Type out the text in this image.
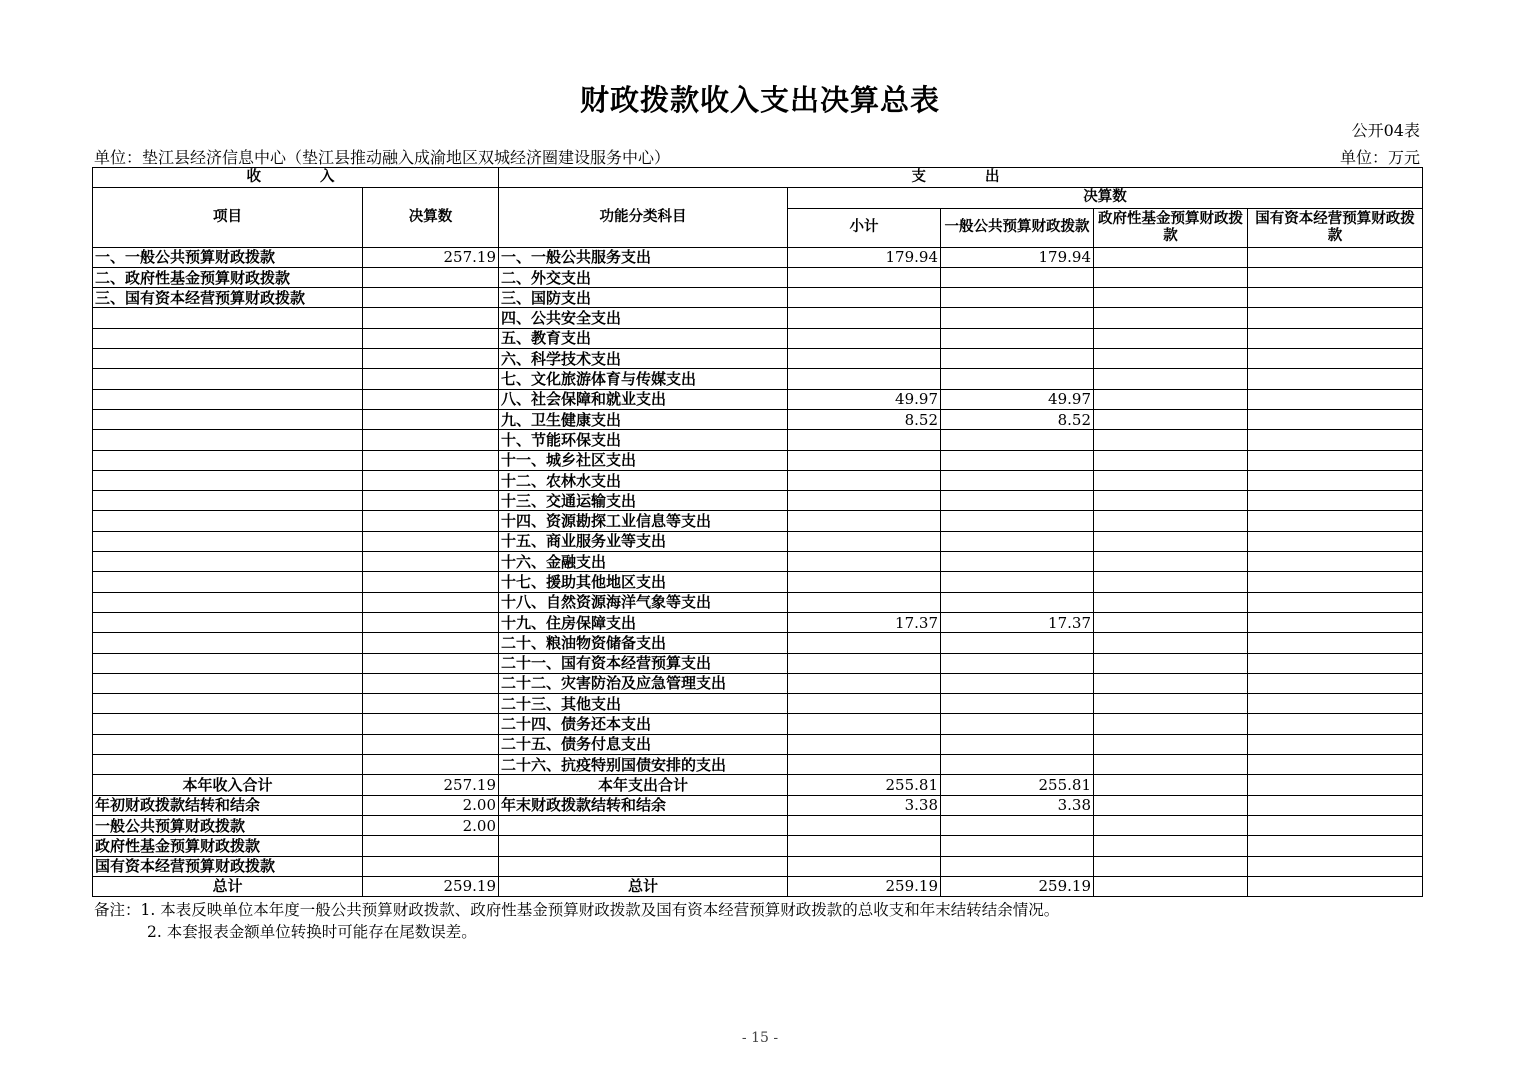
财政拨款收入支出决算总表
公开04表
单位：垫江县经济信息中心（垫江县推动融入成渝地区双城经济圈建设服务中心）	单位：万元
收　　入		支　　出				
项目	决算数	功能分类科目	决算数			
			小计	一般公共预算财政拨款	政府性基金预算财政拨款	国有资本经营预算财政拨款
一、一般公共预算财政拨款	257.19	一、一般公共服务支出	179.94	179.94		
二、政府性基金预算财政拨款		二、外交支出				
三、国有资本经营预算财政拨款		三、国防支出				
		四、公共安全支出				
		五、教育支出				
		六、科学技术支出				
		七、文化旅游体育与传媒支出				
		八、社会保障和就业支出	49.97	49.97		
		九、卫生健康支出	8.52	8.52		
		十、节能环保支出				
		十一、城乡社区支出				
		十二、农林水支出				
		十三、交通运输支出				
		十四、资源勘探工业信息等支出				
		十五、商业服务业等支出				
		十六、金融支出				
		十七、援助其他地区支出				
		十八、自然资源海洋气象等支出				
		十九、住房保障支出	17.37	17.37		
		二十、粮油物资储备支出				
		二十一、国有资本经营预算支出				
		二十二、灾害防治及应急管理支出				
		二十三、其他支出				
		二十四、债务还本支出				
		二十五、债务付息支出				
		二十六、抗疫特别国债安排的支出				
本年收入合计	257.19	本年支出合计	255.81	255.81		
年初财政拨款结转和结余	2.00	年末财政拨款结转和结余	3.38	3.38		
一般公共预算财政拨款	2.00					
政府性基金预算财政拨款						
国有资本经营预算财政拨款						
总计	259.19	总计	259.19	259.19		
备注：1. 本表反映单位本年度一般公共预算财政拨款、政府性基金预算财政拨款及国有资本经营预算财政拨款的总收支和年末结转结余情况。
2. 本套报表金额单位转换时可能存在尾数误差。
- 15 -
